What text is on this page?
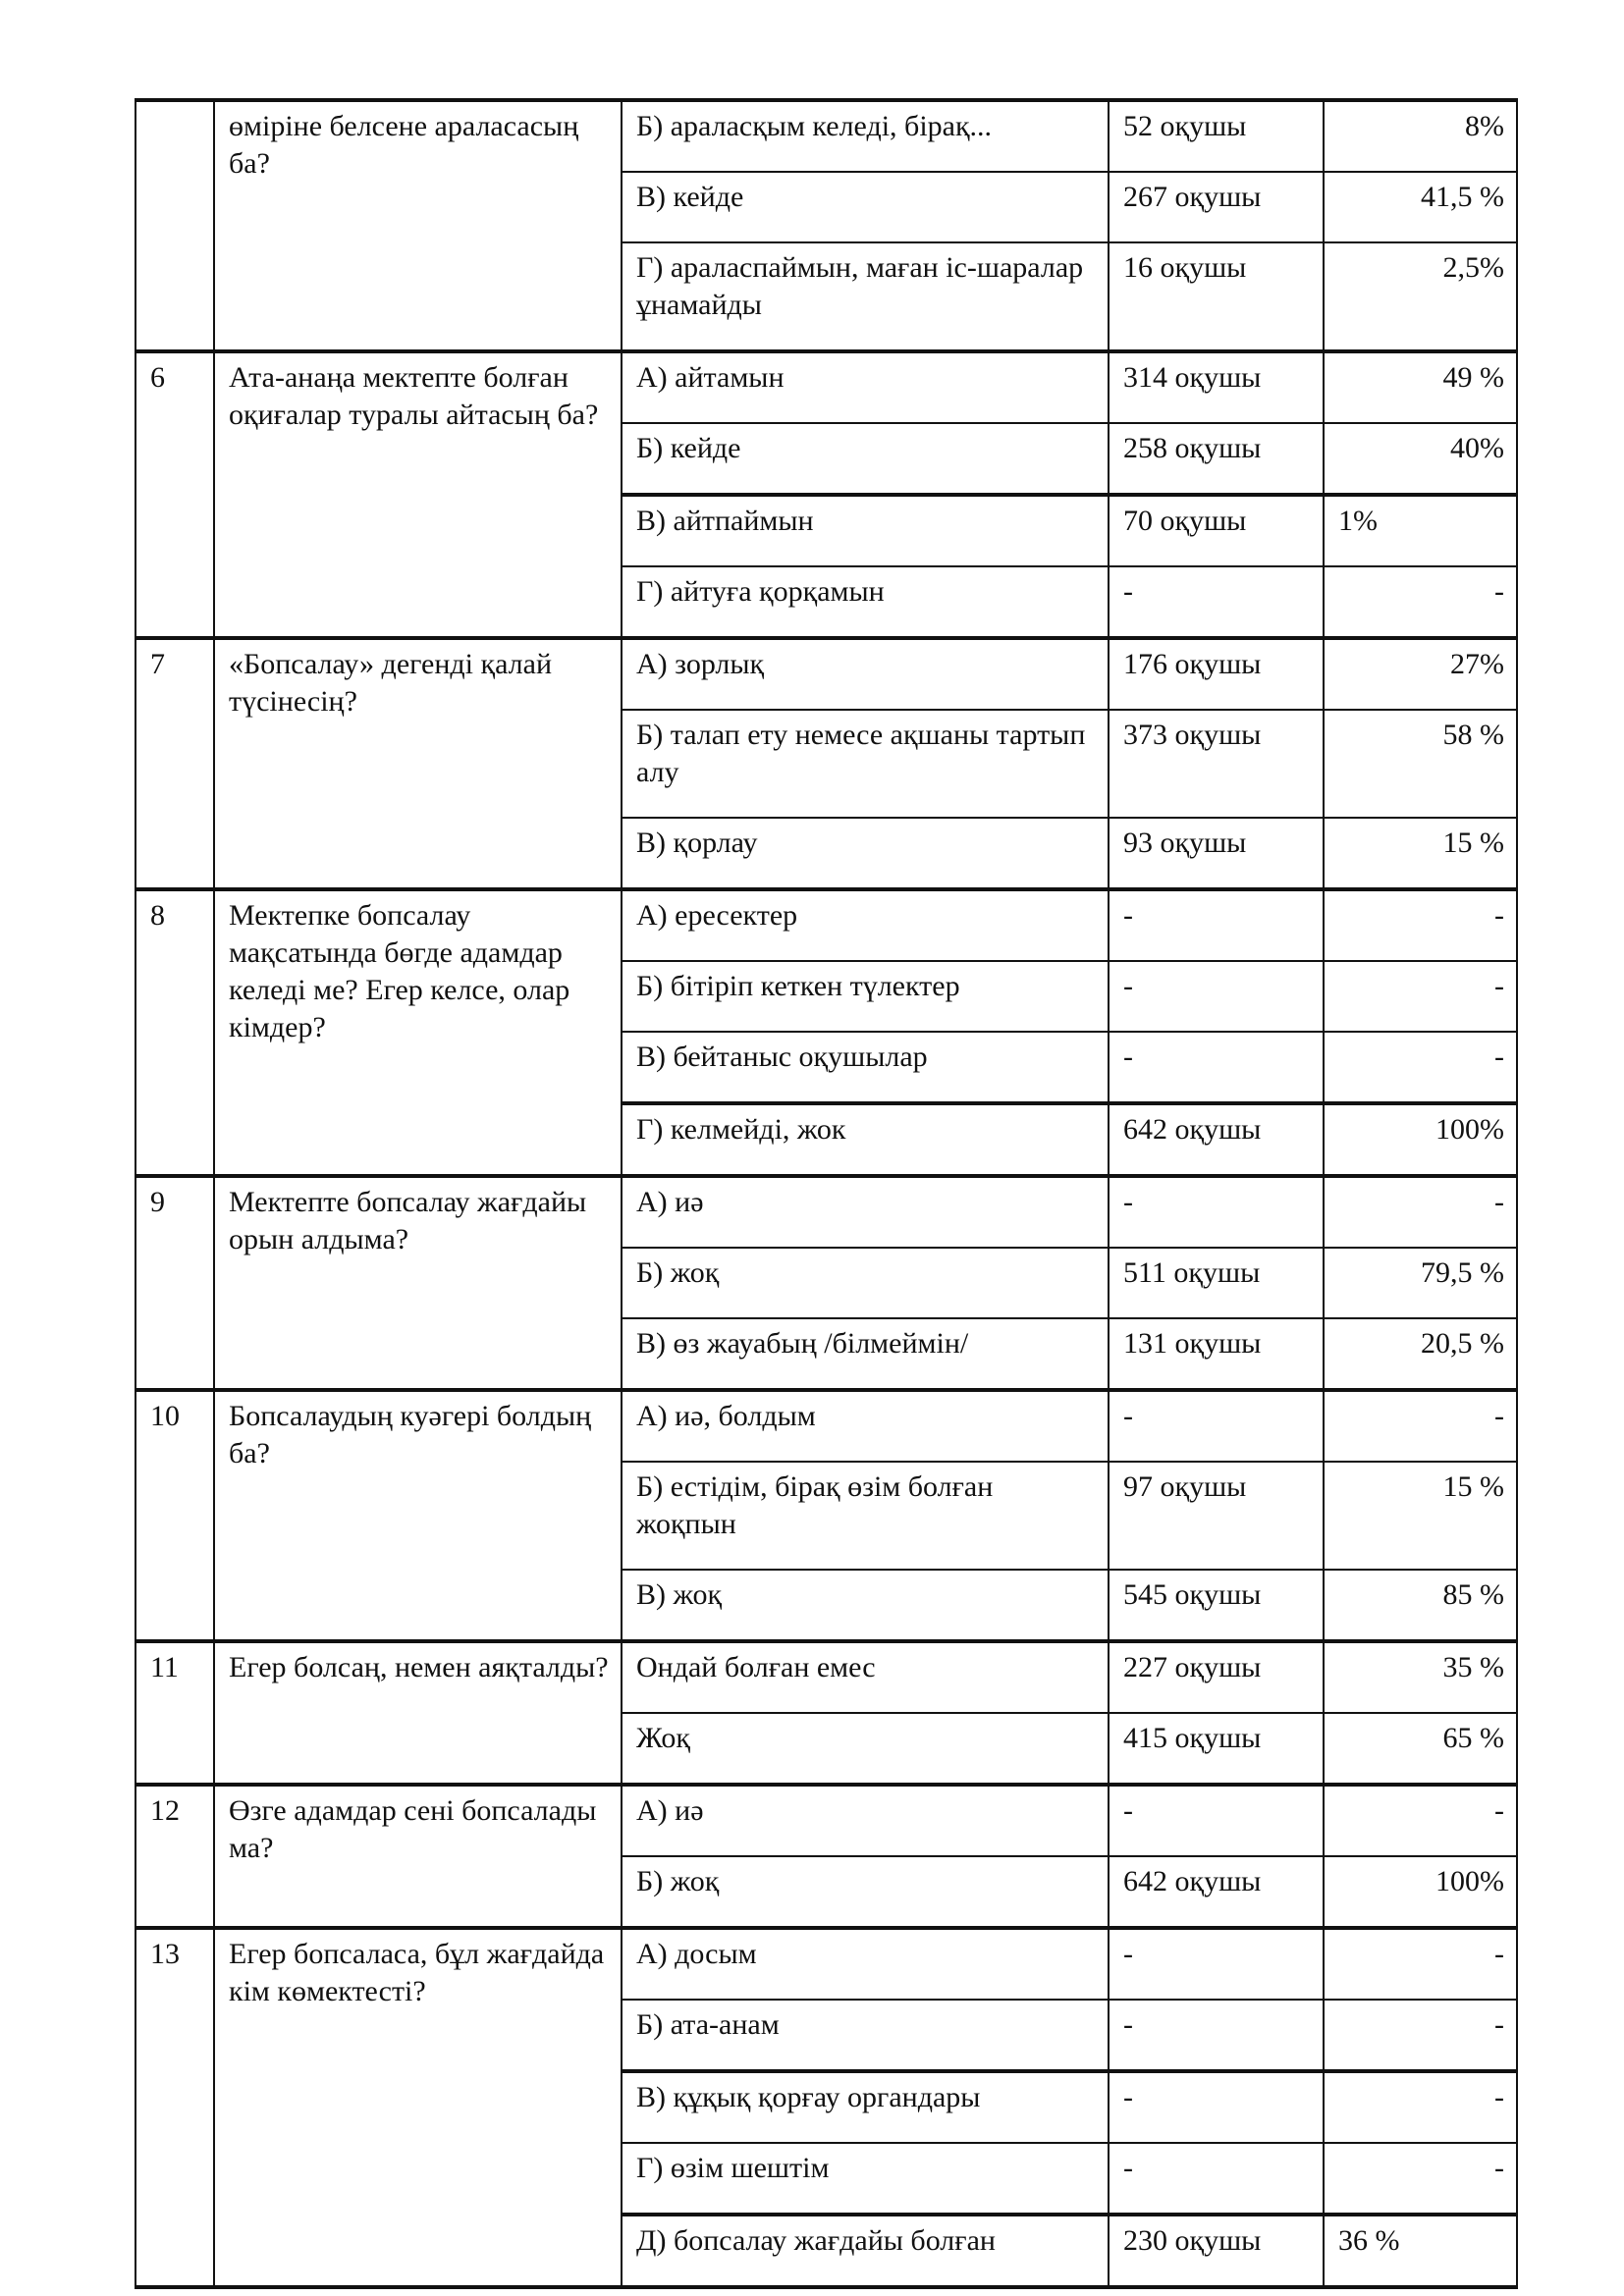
	өміріне белсене араласасың ба?	Б) араласқым келеді, бірақ...	52 оқушы	8%
		В) кейде	267 оқушы	41,5 %
		Г) араласпаймын, маған іс-шаралар ұнамайды	16 оқушы	2,5%
6	Ата-анаңа мектепте болған оқиғалар туралы айтасың ба?	А) айтамын	314 оқушы	49 %
		Б) кейде	258 оқушы	40%
		В) айтпаймын	70 оқушы	1%
		Г) айтуға қорқамын	-	-
7	«Бопсалау» дегенді қалай түсінесің?	А) зорлық	176 оқушы	27%
		Б) талап ету немесе ақшаны тартып алу	373 оқушы	58 %
		В) қорлау	93 оқушы	15 %
8	Мектепке бопсалау мақсатында бөгде адамдар келеді ме? Егер келсе, олар кімдер?	А) ересектер	-	-
		Б) бітіріп кеткен түлектер	-	-
		В) бейтаныс оқушылар	-	-
		Г) келмейді, жок	642 оқушы	100%
9	Мектепте бопсалау жағдайы орын алдыма?	А) иә	-	-
		Б) жоқ	511 оқушы	79,5 %
		В) өз жауабың /білмеймін/	131 оқушы	20,5 %
10	Бопсалаудың куәгері болдың ба?	А) иә, болдым	-	-
		Б) естідім, бірақ өзім болған жоқпын	97 оқушы	15 %
		В) жоқ	545 оқушы	85 %
11	Егер болсаң, немен аяқталды?	Ондай болған емес	227 оқушы	35 %
		Жоқ	415 оқушы	65 %
12	Өзге адамдар сені бопсалады ма?	А) иә	-	-
		Б) жоқ	642 оқушы	100%
13	Егер бопсаласа, бұл жағдайда кім көмектесті?	А) досым	-	-
		Б) ата-анам	-	-
		В) құқық қорғау органдары	-	-
		Г) өзім шештім	-	-
		Д) бопсалау жағдайы болған	230 оқушы	36 %
